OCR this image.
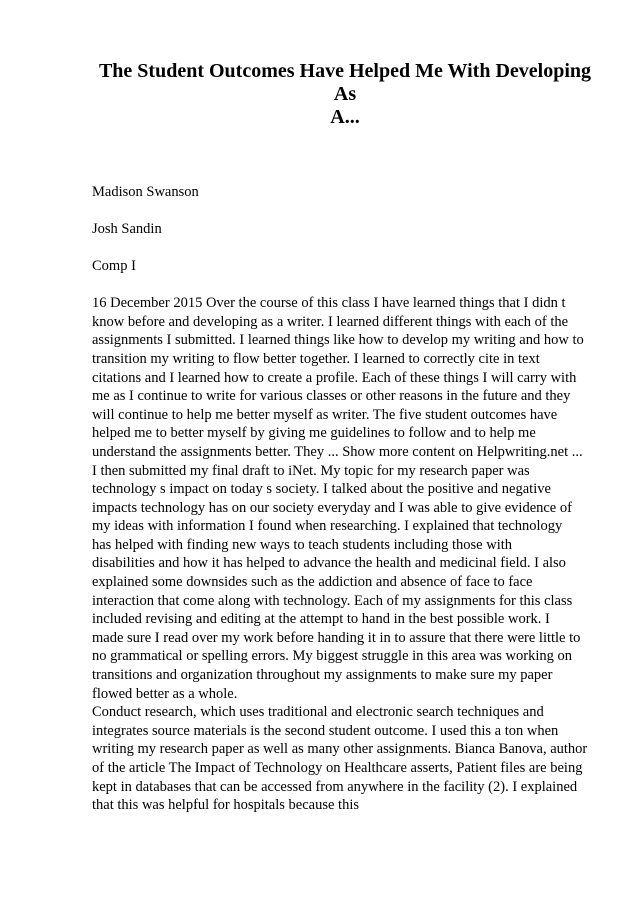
The Student Outcomes Have Helped Me With Developing As
A...

Madison Swanson

Josh Sandin

Comp I

16 December 2015 Over the course of this class I have learned things that I didn t
know before and developing as a writer. I learned different things with each of the
assignments I submitted. I learned things like how to develop my writing and how to
transition my writing to flow better together. I learned to correctly cite in text
citations and I learned how to create a profile. Each of these things I will carry with
me as I continue to write for various classes or other reasons in the future and they
will continue to help me better myself as writer. The five student outcomes have
helped me to better myself by giving me guidelines to follow and to help me
understand the assignments better. They ... Show more content on Helpwriting.net ...
I then submitted my final draft to iNet. My topic for my research paper was
technology s impact on today s society. I talked about the positive and negative
impacts technology has on our society everyday and I was able to give evidence of
my ideas with information I found when researching. I explained that technology
has helped with finding new ways to teach students including those with
disabilities and how it has helped to advance the health and medicinal field. I also
explained some downsides such as the addiction and absence of face to face
interaction that come along with technology. Each of my assignments for this class
included revising and editing at the attempt to hand in the best possible work. I
made sure I read over my work before handing it in to assure that there were little to
no grammatical or spelling errors. My biggest struggle in this area was working on
transitions and organization throughout my assignments to make sure my paper
flowed better as a whole.
Conduct research, which uses traditional and electronic search techniques and
integrates source materials is the second student outcome. I used this a ton when
writing my research paper as well as many other assignments. Bianca Banova, author
of the article The Impact of Technology on Healthcare asserts, Patient files are being
kept in databases that can be accessed from anywhere in the facility (2). I explained
that this was helpful for hospitals because this
